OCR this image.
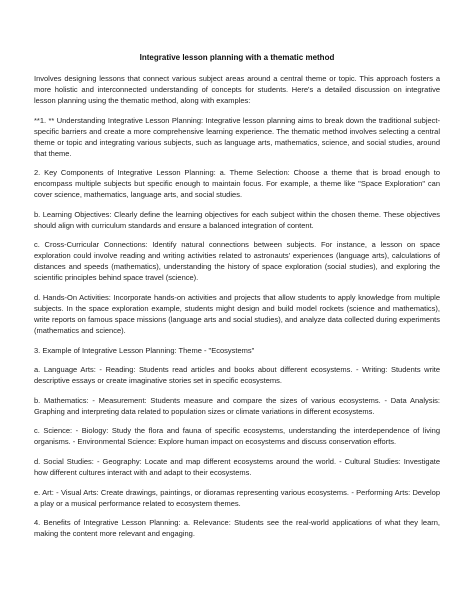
Integrative lesson planning with a thematic method

Involves designing lessons that connect various subject areas around a central theme or topic. This approach fosters a more holistic and interconnected understanding of concepts for students. Here's a detailed discussion on integrative lesson planning using the thematic method, along with examples:

**1. ** Understanding Integrative Lesson Planning: Integrative lesson planning aims to break down the traditional subject-specific barriers and create a more comprehensive learning experience. The thematic method involves selecting a central theme or topic and integrating various subjects, such as language arts, mathematics, science, and social studies, around that theme.

2. Key Components of Integrative Lesson Planning: a. Theme Selection: Choose a theme that is broad enough to encompass multiple subjects but specific enough to maintain focus. For example, a theme like "Space Exploration" can cover science, mathematics, language arts, and social studies.

b. Learning Objectives: Clearly define the learning objectives for each subject within the chosen theme. These objectives should align with curriculum standards and ensure a balanced integration of content.

c. Cross-Curricular Connections: Identify natural connections between subjects. For instance, a lesson on space exploration could involve reading and writing activities related to astronauts' experiences (language arts), calculations of distances and speeds (mathematics), understanding the history of space exploration (social studies), and exploring the scientific principles behind space travel (science).

d. Hands-On Activities: Incorporate hands-on activities and projects that allow students to apply knowledge from multiple subjects. In the space exploration example, students might design and build model rockets (science and mathematics), write reports on famous space missions (language arts and social studies), and analyze data collected during experiments (mathematics and science).

3. Example of Integrative Lesson Planning: Theme - "Ecosystems"

a. Language Arts: - Reading: Students read articles and books about different ecosystems. - Writing: Students write descriptive essays or create imaginative stories set in specific ecosystems.

b. Mathematics: - Measurement: Students measure and compare the sizes of various ecosystems. - Data Analysis: Graphing and interpreting data related to population sizes or climate variations in different ecosystems.

c. Science: - Biology: Study the flora and fauna of specific ecosystems, understanding the interdependence of living organisms. - Environmental Science: Explore human impact on ecosystems and discuss conservation efforts.

d. Social Studies: - Geography: Locate and map different ecosystems around the world. - Cultural Studies: Investigate how different cultures interact with and adapt to their ecosystems.

e. Art: - Visual Arts: Create drawings, paintings, or dioramas representing various ecosystems. - Performing Arts: Develop a play or a musical performance related to ecosystem themes.

4. Benefits of Integrative Lesson Planning: a. Relevance: Students see the real-world applications of what they learn, making the content more relevant and engaging.
